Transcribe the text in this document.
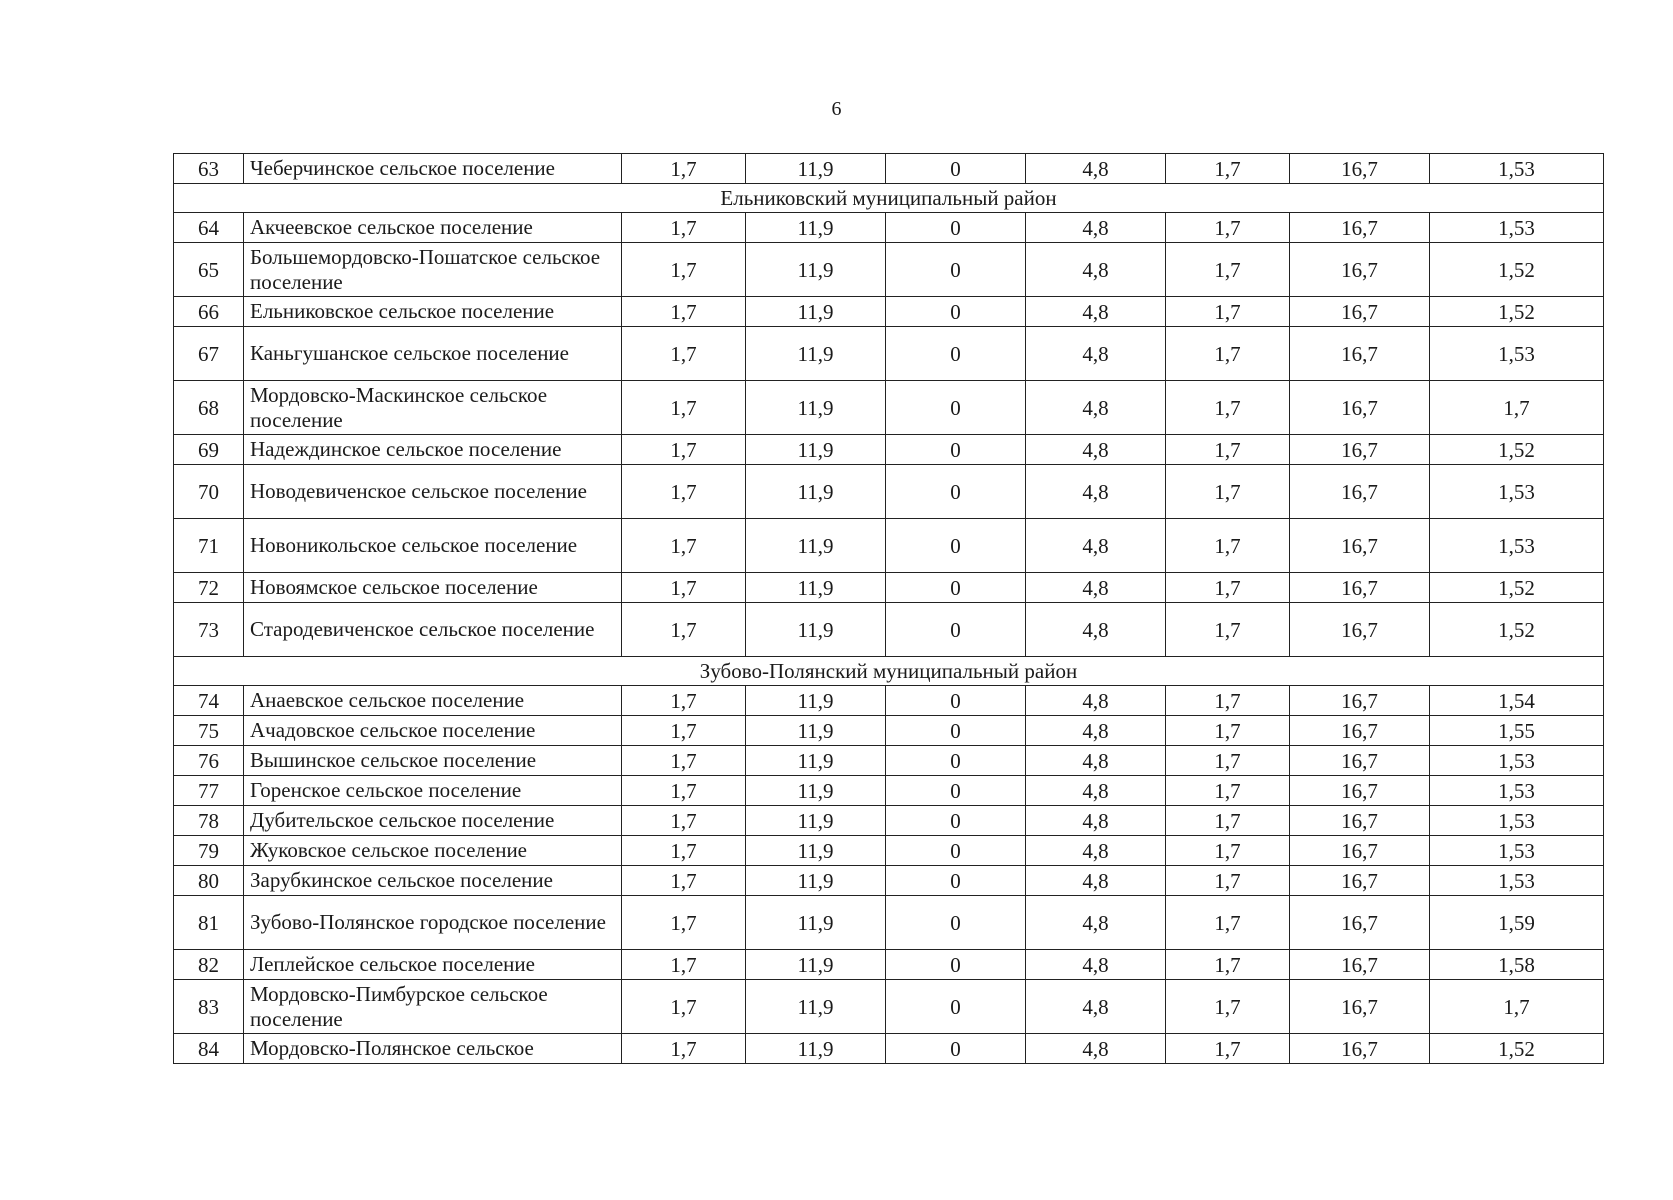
6
63	Чеберчинское сельское поселение	1,7	11,9	0	4,8	1,7	16,7	1,53
Ельниковский муниципальный район								
64	Акчеевское сельское поселение	1,7	11,9	0	4,8	1,7	16,7	1,53
65	Большемордовско-Пошатское сельское поселение	1,7	11,9	0	4,8	1,7	16,7	1,52
66	Ельниковское сельское поселение	1,7	11,9	0	4,8	1,7	16,7	1,52
67	Каньгушанское сельское поселение	1,7	11,9	0	4,8	1,7	16,7	1,53
68	Мордовско-Маскинское сельское поселение	1,7	11,9	0	4,8	1,7	16,7	1,7
69	Надеждинское сельское поселение	1,7	11,9	0	4,8	1,7	16,7	1,52
70	Новодевиченское сельское поселение	1,7	11,9	0	4,8	1,7	16,7	1,53
71	Новоникольское сельское поселение	1,7	11,9	0	4,8	1,7	16,7	1,53
72	Новоямское сельское поселение	1,7	11,9	0	4,8	1,7	16,7	1,52
73	Стародевиченское сельское поселение	1,7	11,9	0	4,8	1,7	16,7	1,52
Зубово-Полянский муниципальный район								
74	Анаевское сельское поселение	1,7	11,9	0	4,8	1,7	16,7	1,54
75	Ачадовское сельское поселение	1,7	11,9	0	4,8	1,7	16,7	1,55
76	Вышинское сельское поселение	1,7	11,9	0	4,8	1,7	16,7	1,53
77	Горенское сельское поселение	1,7	11,9	0	4,8	1,7	16,7	1,53
78	Дубительское сельское поселение	1,7	11,9	0	4,8	1,7	16,7	1,53
79	Жуковское сельское поселение	1,7	11,9	0	4,8	1,7	16,7	1,53
80	Зарубкинское сельское поселение	1,7	11,9	0	4,8	1,7	16,7	1,53
81	Зубово-Полянское городское поселение	1,7	11,9	0	4,8	1,7	16,7	1,59
82	Леплейское сельское поселение	1,7	11,9	0	4,8	1,7	16,7	1,58
83	Мордовско-Пимбурское сельское поселение	1,7	11,9	0	4,8	1,7	16,7	1,7
84	Мордовско-Полянское сельское	1,7	11,9	0	4,8	1,7	16,7	1,52
